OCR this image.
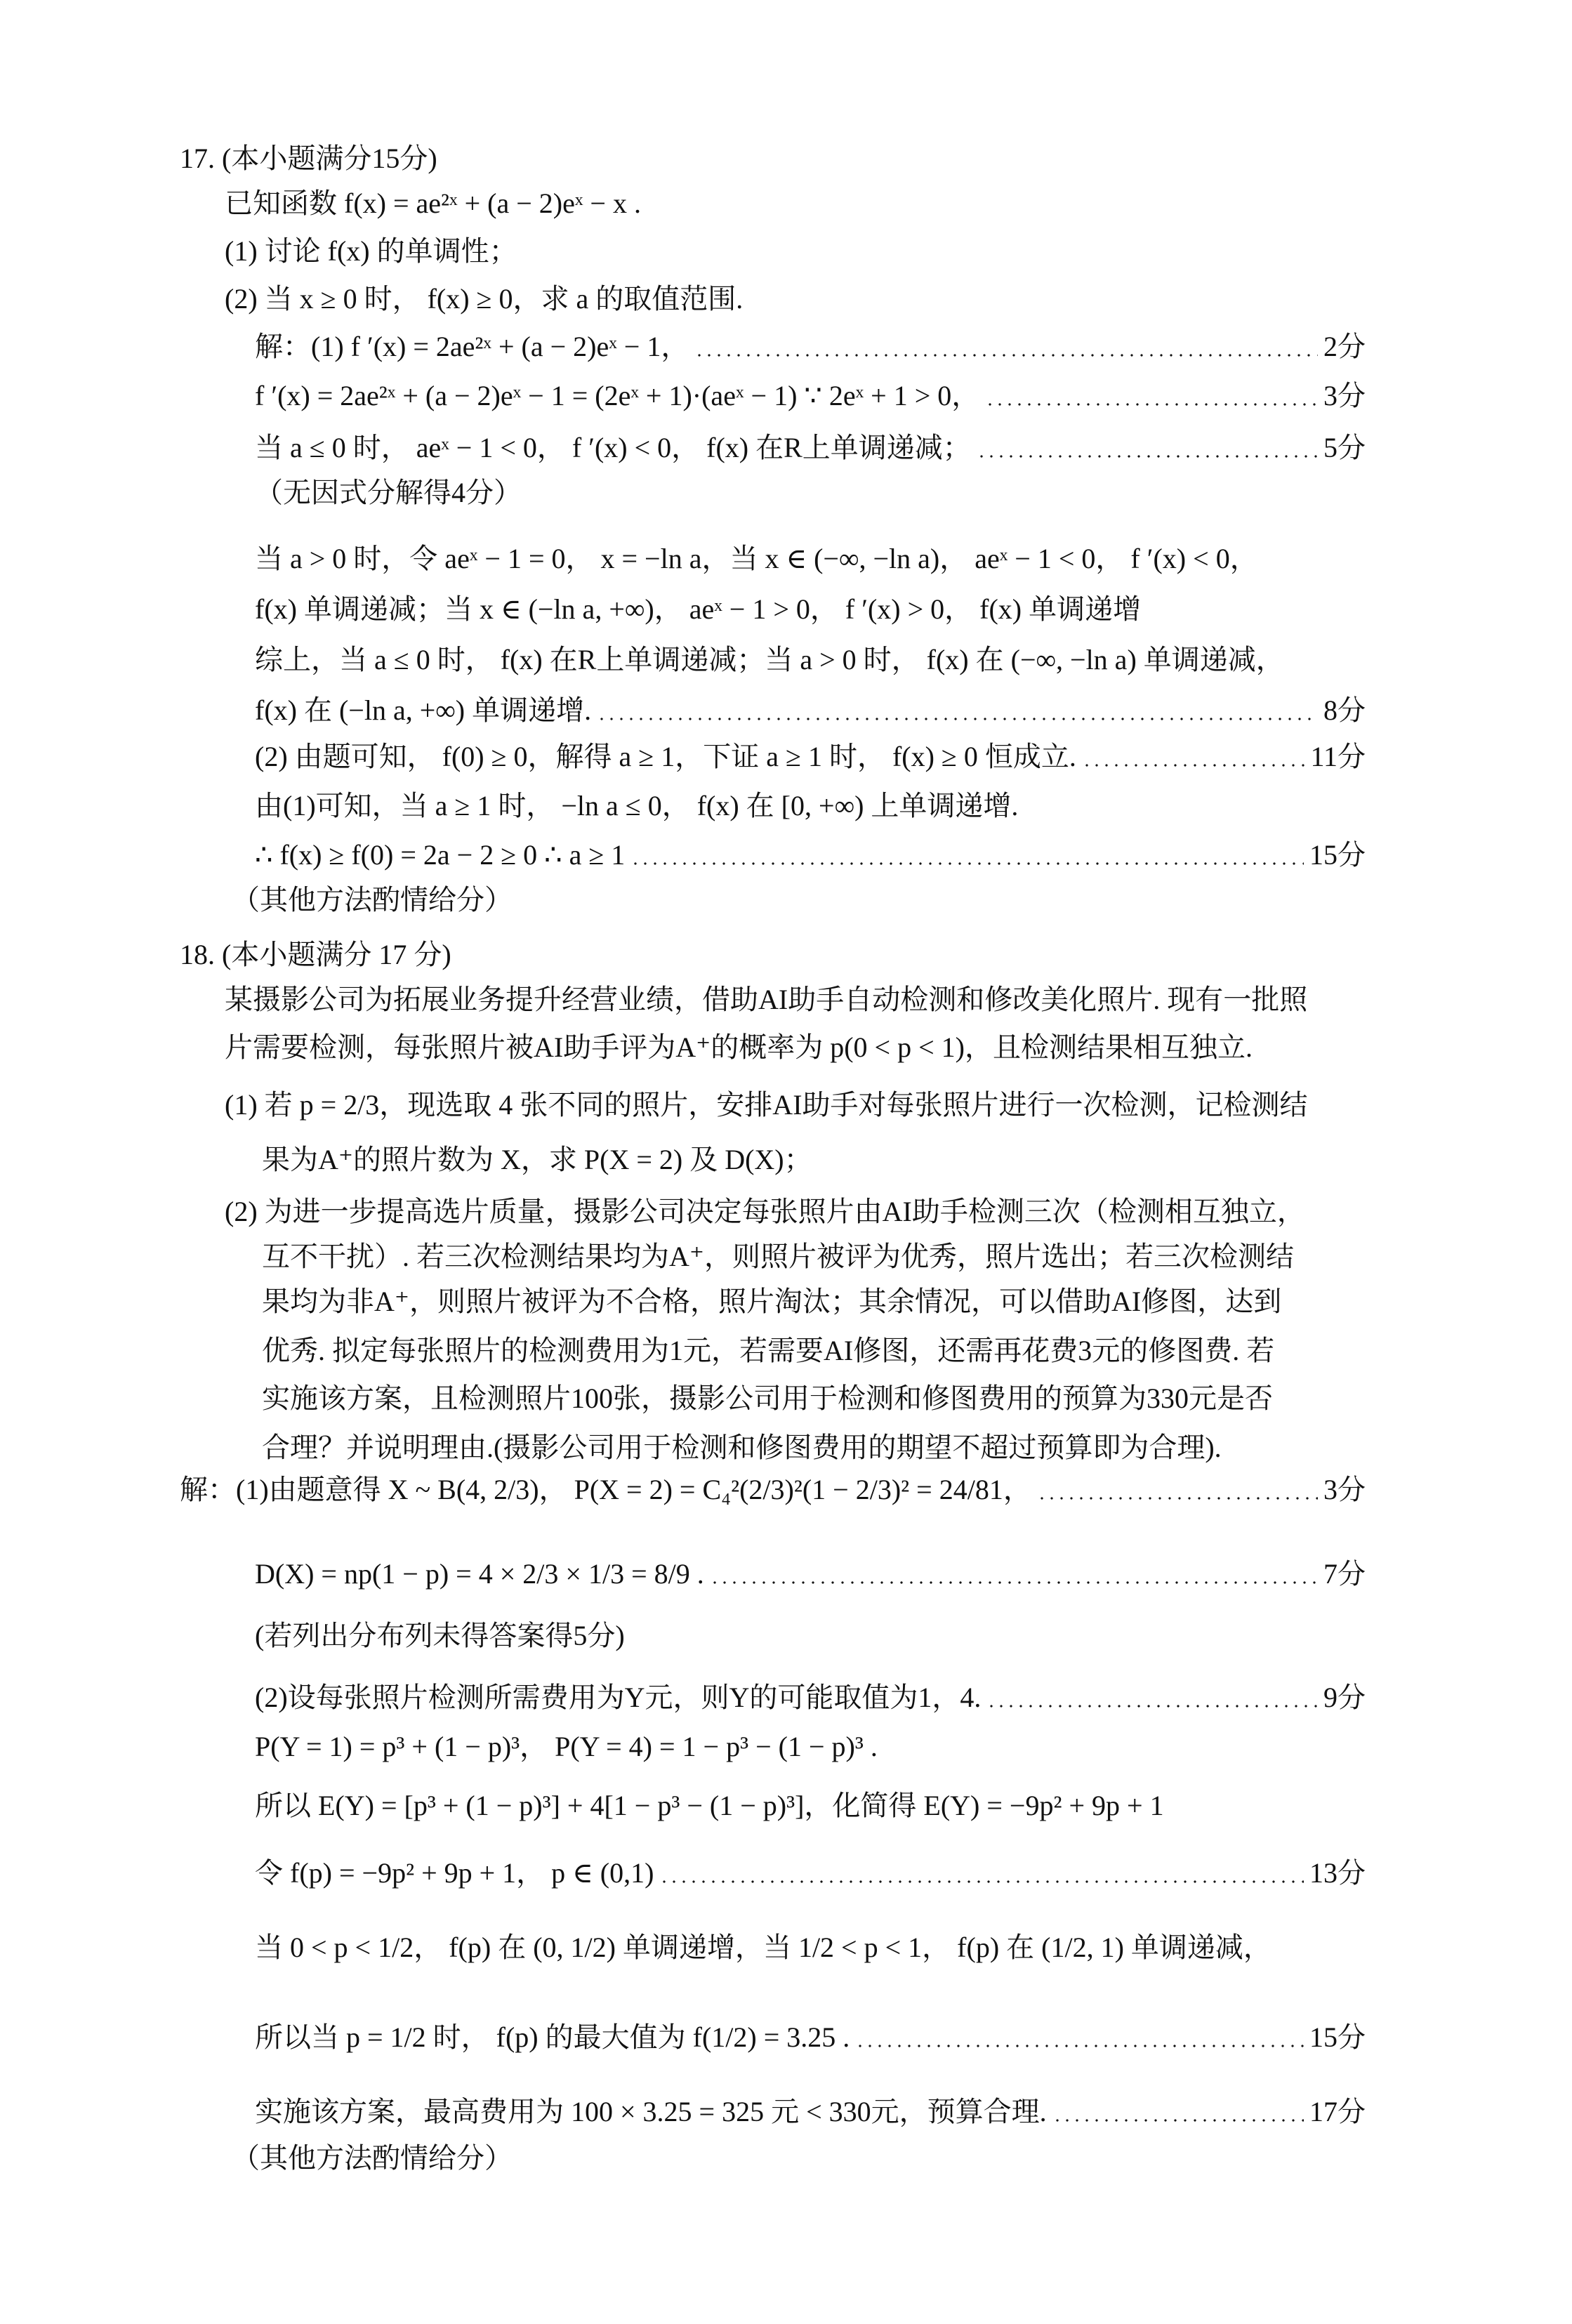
17. (本小题满分15分)
已知函数 f(x) = ae²ˣ + (a − 2)eˣ − x .
(1) 讨论 f(x) 的单调性；
(2) 当 x ≥ 0 时， f(x) ≥ 0，求 a 的取值范围.
解：(1) f ′(x) = 2ae²ˣ + (a − 2)eˣ − 1，	2分
f ′(x) = 2ae²ˣ + (a − 2)eˣ − 1 = (2eˣ + 1)·(aeˣ − 1) ∵ 2eˣ + 1 > 0，	3分
当 a ≤ 0 时， aeˣ − 1 < 0， f ′(x) < 0， f(x) 在R上单调递减；	5分
（无因式分解得4分）
当 a > 0 时，令 aeˣ − 1 = 0， x = −ln a，当 x ∈ (−∞, −ln a)， aeˣ − 1 < 0， f ′(x) < 0，
f(x) 单调递减；当 x ∈ (−ln a, +∞)， aeˣ − 1 > 0， f ′(x) > 0， f(x) 单调递增
综上，当 a ≤ 0 时， f(x) 在R上单调递减；当 a > 0 时， f(x) 在 (−∞, −ln a) 单调递减，
f(x) 在 (−ln a, +∞) 单调递增.	8分
(2) 由题可知， f(0) ≥ 0，解得 a ≥ 1，下证 a ≥ 1 时， f(x) ≥ 0 恒成立.	11分
由(1)可知，当 a ≥ 1 时， −ln a ≤ 0， f(x) 在 [0, +∞) 上单调递增.
∴ f(x) ≥ f(0) = 2a − 2 ≥ 0 ∴ a ≥ 1	15分
（其他方法酌情给分）
18. (本小题满分 17 分)
某摄影公司为拓展业务提升经营业绩，借助AI助手自动检测和修改美化照片. 现有一批照
片需要检测，每张照片被AI助手评为A⁺的概率为 p(0 < p < 1)，且检测结果相互独立.
(1) 若 p = 2/3，现选取 4 张不同的照片，安排AI助手对每张照片进行一次检测，记检测结
果为A⁺的照片数为 X，求 P(X = 2) 及 D(X)；
(2) 为进一步提高选片质量，摄影公司决定每张照片由AI助手检测三次（检测相互独立，
互不干扰）. 若三次检测结果均为A⁺，则照片被评为优秀，照片选出；若三次检测结
果均为非A⁺，则照片被评为不合格，照片淘汰；其余情况，可以借助AI修图，达到
优秀. 拟定每张照片的检测费用为1元，若需要AI修图，还需再花费3元的修图费. 若
实施该方案，且检测照片100张，摄影公司用于检测和修图费用的预算为330元是否
合理？并说明理由.(摄影公司用于检测和修图费用的期望不超过预算即为合理).
解：(1)由题意得 X ~ B(4, 2/3)， P(X = 2) = C₄²(2/3)²(1 − 2/3)² = 24/81，	3分
D(X) = np(1 − p) = 4 × 2/3 × 1/3 = 8/9 .	7分
(若列出分布列未得答案得5分)
(2)设每张照片检测所需费用为Y元，则Y的可能取值为1，4.	9分
P(Y = 1) = p³ + (1 − p)³， P(Y = 4) = 1 − p³ − (1 − p)³ .
所以 E(Y) = [p³ + (1 − p)³] + 4[1 − p³ − (1 − p)³]，化简得 E(Y) = −9p² + 9p + 1
令 f(p) = −9p² + 9p + 1， p ∈ (0,1)	13分
当 0 < p < 1/2， f(p) 在 (0, 1/2) 单调递增，当 1/2 < p < 1， f(p) 在 (1/2, 1) 单调递减，
所以当 p = 1/2 时， f(p) 的最大值为 f(1/2) = 3.25 .	15分
实施该方案，最高费用为 100 × 3.25 = 325 元 < 330元，预算合理.	17分
（其他方法酌情给分）
